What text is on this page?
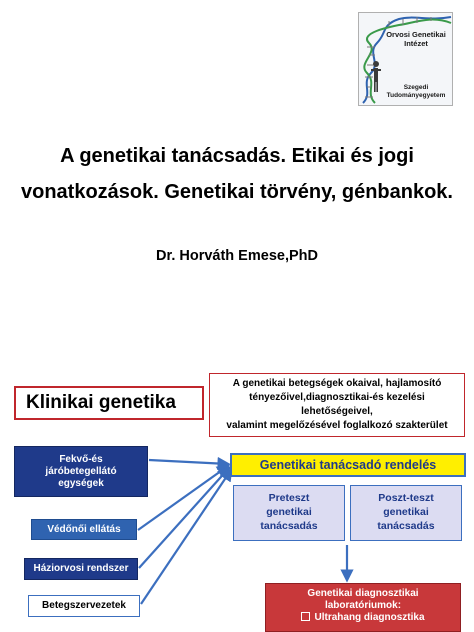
Orvosi Genetikai
Intézet
Szegedi
Tudományegyetem
A genetikai tanácsadás. Etikai és jogi
vonatkozások. Genetikai törvény, génbankok.
Dr. Horváth Emese,PhD
Klinikai genetika
A genetikai betegségek okaival, hajlamosító
tényezőivel,diagnosztikai-és kezelési
lehetőségeivel,
valamint megelőzésével foglalkozó szakterület
Fekvő-és
járóbetegellátó
egységek
Védőnői ellátás
Háziorvosi rendszer
Betegszervezetek
Genetikai tanácsadó rendelés
Preteszt
genetikai
tanácsadás
Poszt-teszt
genetikai
tanácsadás
Genetikai diagnosztikai
laboratóriumok:
Ultrahang diagnosztika
